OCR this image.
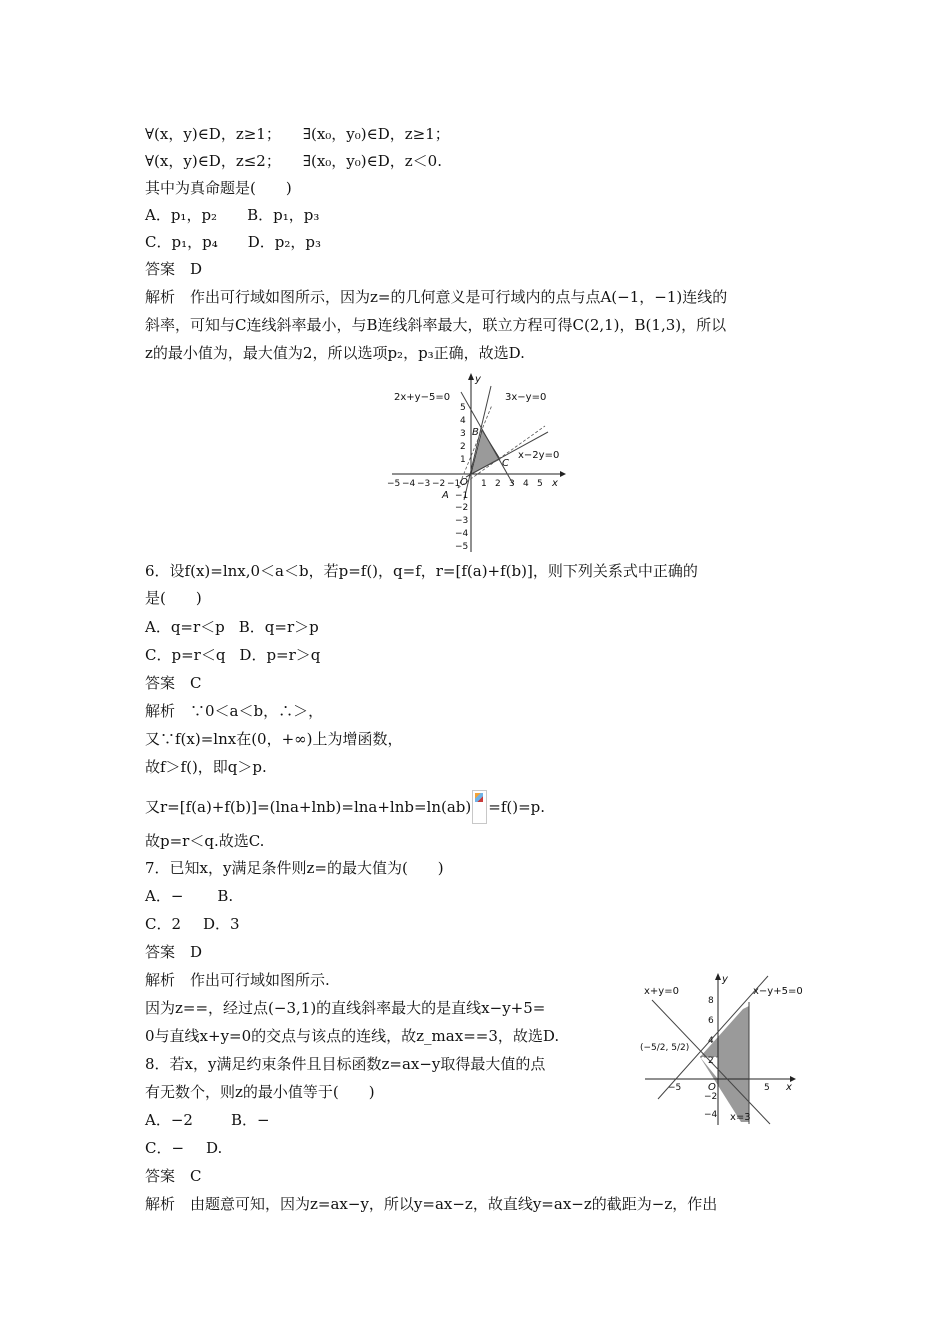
∀(x，y)∈D，z≥1； ∃(x₀，y₀)∈D，z≥1；
∀(x，y)∈D，z≤2； ∃(x₀，y₀)∈D，z＜0.
其中为真命题是(　　)
A．p₁，p₂ B．p₁，p₃
C．p₁，p₄ D．p₂，p₃
答案　D
解析　作出可行域如图所示，因为z=的几何意义是可行域内的点与点A(−1，−1)连线的
斜率，可知与C连线斜率最小，与B连线斜率最大，联立方程可得C(2,1)，B(1,3)，所以
z的最小值为，最大值为2，所以选项p₂，p₃正确，故选D.
2x+y−5=0	3x−y=0
x−2y=0
B
C
O
A
x
y
−5 −4 −3 −2 −1 1 2 3 4 5
5
4
3
2
1
−1
−2
−3
−4
−5
6．设f(x)=lnx,0＜a＜b，若p=f()，q=f，r=[f(a)+f(b)]，则下列关系式中正确的
是(　　)
A．q=r＜p B．q=r＞p
C．p=r＜q D．p=r＞q
答案　C
解析　∵0＜a＜b，∴＞，
又∵f(x)=lnx在(0，+∞)上为增函数，
故f＞f()，即q＞p.
又r=[f(a)+f(b)]=(lna+lnb)=lna+lnb=ln(ab) =f()=p.
故p=r＜q.故选C.
7．已知x，y满足条件则z=的最大值为(　　)
A．− B.
C．2 D．3
答案　D
解析　作出可行域如图所示.
因为z==，经过点(−3,1)的直线斜率最大的是直线x−y+5=
0与直线x+y=0的交点与该点的连线，故z_max==3，故选D.
x+y=0	x−y+5=0
x=3
(−5/2, 5/2)
O	x
y
−5	5
8
6
4
2
−2
−4
8．若x，y满足约束条件且目标函数z=ax−y取得最大值的点
有无数个，则z的最小值等于(　　)
A．−2	B．−
C．− D.
答案　C
解析　由题意可知，因为z=ax−y，所以y=ax−z，故直线y=ax−z的截距为−z，作出
